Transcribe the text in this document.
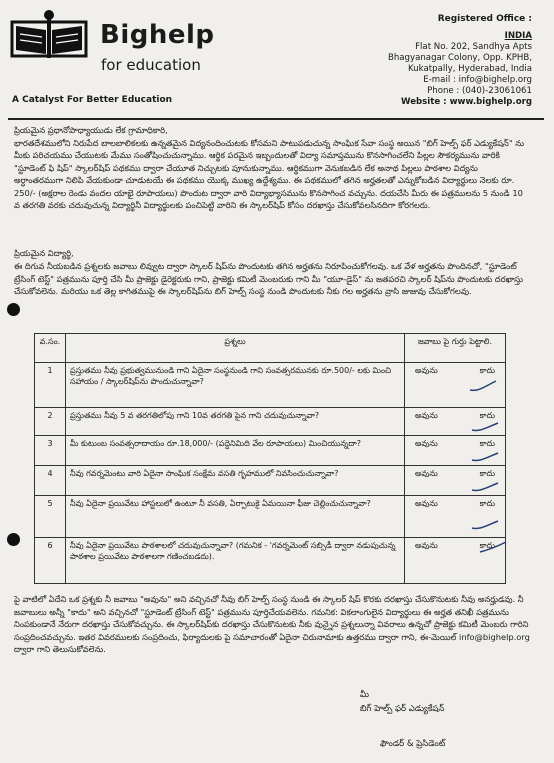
Bighelp
for education
A Catalyst For Better Education
Registered Office :
INDIA
Flat No. 202, Sandhya Apts
Bhagyanagar Colony, Opp. KPHB,
Kukatpally, Hyderabad, India
E-mail : info@bighelp.org
Phone : (040)-23061061
Website : www.bighelp.org
ప్రియమైన ప్రధానోపాధ్యాయుడు లేక గ్రామాధికారి,
భారతదేశములోని నిరుపేద బాలబాలికలకు ఉన్నతమైన విద్యనందించుటకు కోసమని పాటుపడుచున్న సాంఘిక సేవా సంస్థ అయిన "బిగ్ హెల్ప్ ఫర్ ఎడ్యుకేషన్" ను మీకు పరిచయము చేయుటకు మేము సంతోషించుచున్నాము. ఆర్థిక పరమైన ఇబ్బందులతో విద్యా సమాప్తమును కొనసాగించలేని పిల్లల సౌకర్యమును వారికి "స్టూడెంట్ ఫి షిప్" స్కాలర్‌షిప్ పథకము ద్వారా చేయూత నిచ్చుటకు పూనుకున్నాము. ఆర్థికముగా వెనుకబడిన లేక అనాథ పిల్లలు పాఠశాల విద్యను అర్ధాంతరముగా నిలిపి వేయకుండా చూడుటయే ఈ పథకము యొక్క ముఖ్య ఉద్దేశ్యము. ఈ పథకములో తగిన అర్హతలతో ఎన్నుకోబడిన విద్యార్థులు నెలకు రూ. 250/- (అక్షరాల రెండు వందల యాభై రూపాయలు) పొందుట ద్వారా వారి విద్యాభ్యాసమును కొనసాగించ వచ్చును. దయచేసి మీరు ఈ పత్రములను 5 నుండి 10 వ తరగతి వరకు చదువుచున్న విద్యార్థినీ విద్యార్థులకు పంచిపెట్టి వారిని ఈ స్కాలర్‌షిప్ కోసం దరఖాస్తు చేసుకోవలసినదిగా కోరగలరు.
ప్రియమైన విద్యార్థి,
ఈ దిగువ నీయబడిన ప్రశ్నలకు జవాబు లివ్వుట ద్వారా స్కాలర్ షిప్‌ను పొందుటకు తగిన అర్హతను నిరూపించుకోగలవు. ఒక వేళ అర్హతను పొందినచో, "స్టూడెంట్ ట్రేసింగ్ టెస్ట్" పత్రమును పూర్తి చేసి మీ ప్రాజెక్టు డైరెక్టరుకు గాని, ప్రాజెక్టు కమిటీ మెంబరుకు గాని మీ "యూ-డైస్" ను జతపరచి స్కాలర్ షిప్‌ను పొందుటకు దరఖాస్తు చేసుకోవలెను. మరియు ఒక తెల్ల కాగితముపై ఈ స్కాలర్‌షిప్‌ను బిగ్ హెల్ప్ సంస్థ నుండి పొందుటకు నీకు గల అర్హతను వ్రాసి జుజువు చేసుకోగలవు.
వ.సం.	ప్రశ్నలు	జవాబు పై గుర్తు పెట్టాలి.
1	ప్రస్తుతము నీవు ప్రభుత్వమునుండి గాని ఏదైనా సంస్థనుండి గాని సంవత్సరమునకు రూ.500/- లకు మించి సహాయం / స్కాలర్‌షిప్‌ను పొందుచున్నావా?	అవును కాదు

2	ప్రస్తుతము నీవు 5 వ తరగతిలోపు గాని 10వ తరగతి పైన గాని చదువుచున్నావా?	అవును కాదు

3	మీ కుటుంబ సంవత్సరాదాయం రూ.18,000/- (పద్దెనిమిది వేల రూపాయలు) మించియున్నదా?	అవును కాదు

4	నీవు గవర్నమెంటు వారి ఏదైనా సాంఘిక సంక్షేమ వసతి గృహములో నివసించుచున్నావా?	అవును కాదు

5	నీవు ఏదైనా ప్రయివేటు హాస్టలులో ఉంటూ నీ వసతి, ఏర్పాటుకై ఏమయినా ఫీజు చెల్లించుచున్నావా?	అవును కాదు

6	నీవు ఏదైనా ప్రయివేటు పాఠశాలలో చదువుచున్నావా? (గమనిక - 'గవర్నమెంట్ సబ్సిడీ ద్వారా నడుపుచున్న పాఠశాల ప్రయివేటు పాఠశాలగా గణించబడదు).	అవును కాదు
పై వాటిలో ఏదేని ఒక ప్రశ్నకు నీ జవాబు "అవును" అని వచ్చినచో నీవు బిగ్ హెల్ప్ సంస్థ నుండి ఈ స్కాలర్ షిప్ కొరకు దరఖాస్తు చేసుకొనుటకు నీవు అనర్హుడవు. నీ జవాబులు అన్నీ "కాదు" అని వచ్చినచో "స్టూడెంట్ ట్రేసింగ్ టెస్ట్" పత్రమును పూర్తిచేయవలెను. గమనిక: వికలాంగులైన విద్యార్థులు ఈ అర్హత తనిఖీ పత్రమును నింపకుండానే నేరుగా దరఖాస్తు చేసుకోవచ్చును. ఈ స్కాలర్‌షిప్‌కు దరఖాస్తు చేసుకొనుటకు నీకు వున్నైన ప్రశ్నలున్నా వివరాలు ఉన్నచో ప్రాజెక్టు కమిటీ మెంబరు గారిని సంప్రదించవచ్చును. ఇతర వివరములకు సంప్రదించు, ఫిర్యాదులకు పై సమాచారంతో ఏదైనా చిరునామాకు ఉత్తరము ద్వారా గాని, ఈ-మెయిల్ info@bighelp.org ద్వారా గాని తెలుసుకోవలెను.
మీ
బిగ్ హెల్ప్ ఫర్ ఎడ్యుకేషన్
ఫౌండర్ & ప్రెసిడెంట్
